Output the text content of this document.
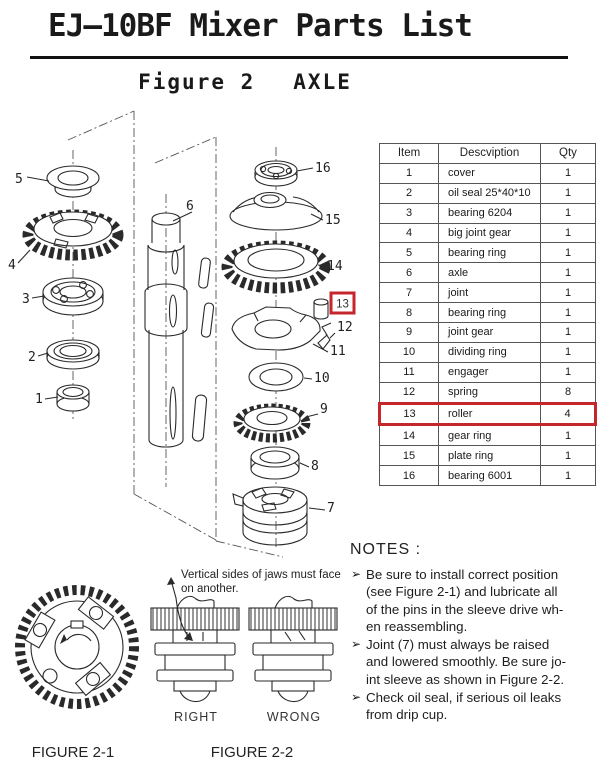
EJ–10BF Mixer Parts List
Figure 2 AXLE
5
4
3
2
1
6
16
15
14
12
11
10
9
8
7
13
Item	Descviption	Qty
1	cover	1
2	oil seal 25*40*10	1
3	bearing 6204	1
4	big joint gear	1
5	bearing ring	1
6	axle	1
7	joint	1
8	bearing ring	1
9	joint gear	1
10	dividing ring	1
11	engager	1
12	spring	8
13	roller	4
14	gear ring	1
15	plate ring	1
16	bearing 6001	1
NOTES :
➢ Be sure to install correct position
(see Figure 2-1) and lubricate all
of the pins in the sleeve drive wh-
en reassembling.
➢ Joint (7) must always be raised
and lowered smoothly. Be sure jo-
int sleeve as shown in Figure 2-2.
➢ Check oil seal, if serious oil leaks
from drip cup.
Vertical sides of jaws must face
on another.
RIGHT	WRONG
FIGURE 2-1	FIGURE 2-2
